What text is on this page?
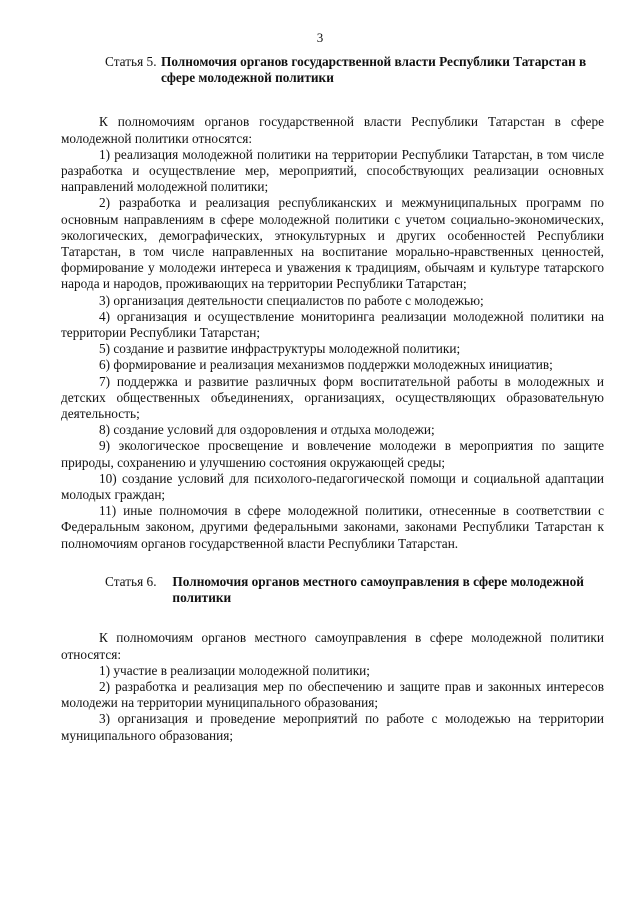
3
Статья 5. Полномочия органов государственной власти Республики Татарстан в сфере молодежной политики

К полномочиям органов государственной власти Республики Татарстан в сфере молодежной политики относятся:

1) реализация молодежной политики на территории Республики Татарстан, в том числе разработка и осуществление мер, мероприятий, способствующих реализации основных направлений молодежной политики;
2) разработка и реализация республиканских и межмуниципальных программ по основным направлениям в сфере молодежной политики с учетом социально-экономических, экологических, демографических, этнокультурных и других особенностей Республики Татарстан, в том числе направленных на воспитание морально-нравственных ценностей, формирование у молодежи интереса и уважения к традициям, обычаям и культуре татарского народа и народов, проживающих на территории Республики Татарстан;
3) организация деятельности специалистов по работе с молодежью;
4) организация и осуществление мониторинга реализации молодежной политики на территории Республики Татарстан;
5) создание и развитие инфраструктуры молодежной политики;
6) формирование и реализация механизмов поддержки молодежных инициатив;
7) поддержка и развитие различных форм воспитательной работы в молодежных и детских общественных объединениях, организациях, осуществляющих образовательную деятельность;
8) создание условий для оздоровления и отдыха молодежи;
9) экологическое просвещение и вовлечение молодежи в мероприятия по защите природы, сохранению и улучшению состояния окружающей среды;
10) создание условий для психолого-педагогической помощи и социальной адаптации молодых граждан;
11) иные полномочия в сфере молодежной политики, отнесенные в соответствии с Федеральным законом, другими федеральными законами, законами Республики Татарстан к полномочиям органов государственной власти Республики Татарстан.
Статья 6.	Полномочия органов местного самоуправления в сфере молодежной политики

К полномочиям органов местного самоуправления в сфере молодежной политики относятся:

1) участие в реализации молодежной политики;
2) разработка и реализация мер по обеспечению и защите прав и законных интересов молодежи на территории муниципального образования;
3) организация и проведение мероприятий по работе с молодежью на территории муниципального образования;
